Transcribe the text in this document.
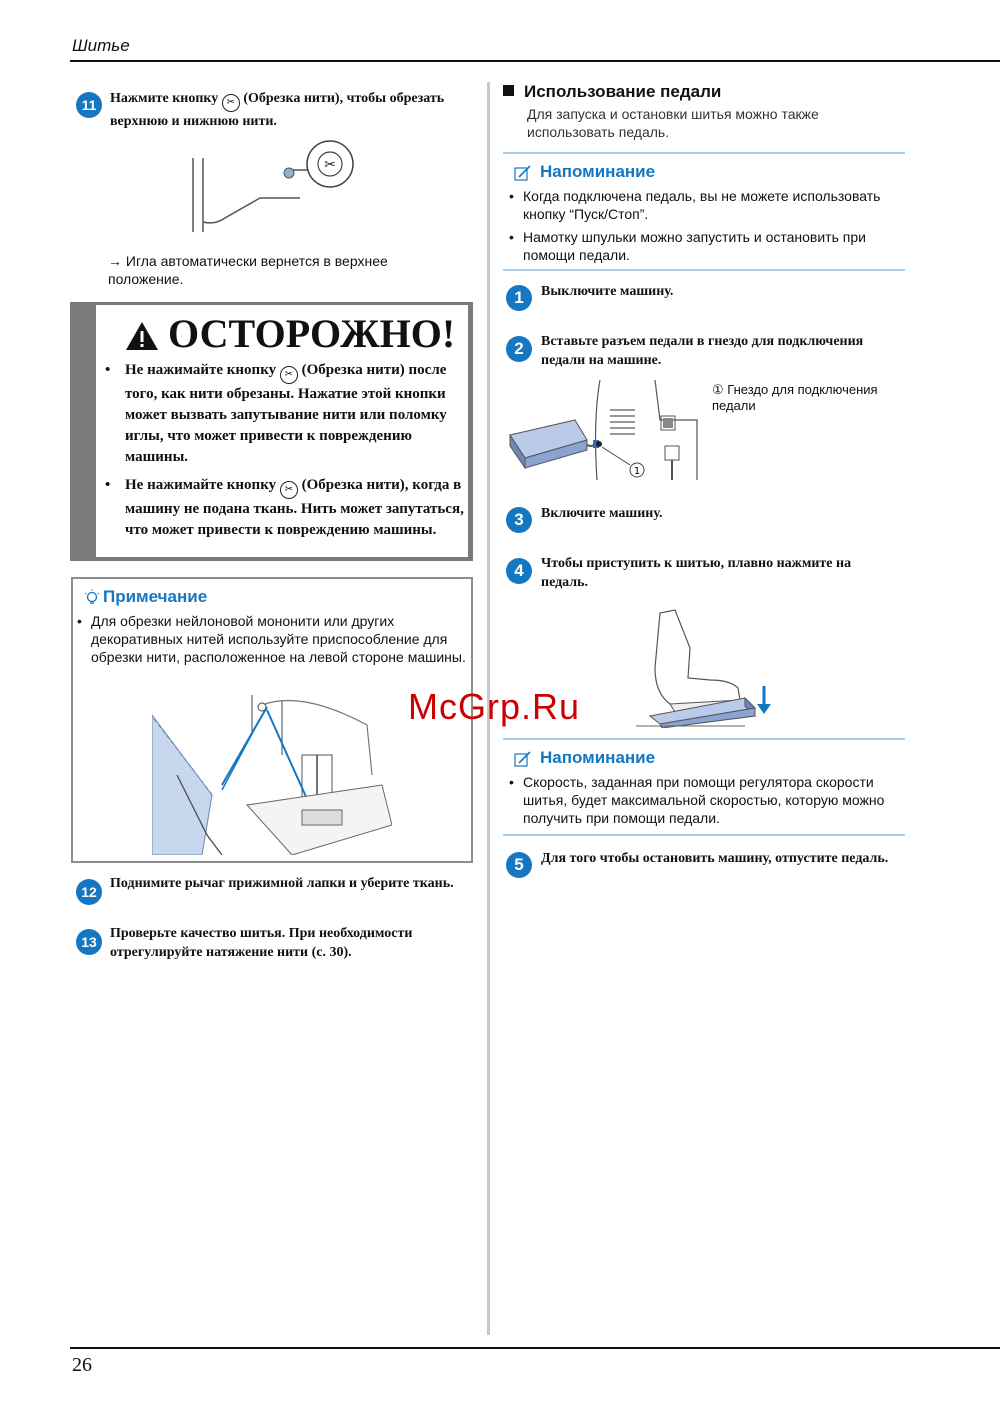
Шитье
26
11 Нажмите кнопку ✂ (Обрезка нити), чтобы обрезать верхнюю и нижнюю нити.
✂
→ Игла автоматически вернется в верхнее положение.
ОСТОРОЖНО!
• Не нажимайте кнопку ✂ (Обрезка нити) после того, как нити обрезаны. Нажатие этой кнопки может вызвать запутывание нити или поломку иглы, что может привести к повреждению машины.
• Не нажимайте кнопку ✂ (Обрезка нити), когда в машину не подана ткань. Нить может запутаться, что может привести к повреждению машины.
Примечание
• Для обрезки нейлоновой мононити или других декоративных нитей используйте приспособление для обрезки нити, расположенное на левой стороне машины.
12
Поднимите рычаг прижимной лапки и уберите ткань.
13
Проверьте качество шитья. При необходимости отрегулируйте натяжение нити (с. 30).
Использование педали
Для запуска и остановки шитья можно также использовать педаль.
Напоминание
• Когда подключена педаль, вы не можете использовать кнопку “Пуск/Стоп”.
• Намотку шпульки можно запустить и остановить при помощи педали.
1	Выключите машину.
2	Вставьте разъем педали в гнездо для подключения педали на машине.
1
① Гнездо для подключения педали
3	Включите машину.
4	Чтобы приступить к шитью, плавно нажмите на педаль.
Напоминание
• Скорость, заданная при помощи регулятора скорости шитья, будет максимальной скоростью, которую можно получить при помощи педали.
5	Для того чтобы остановить машину, отпустите педаль.
McGrp.Ru
